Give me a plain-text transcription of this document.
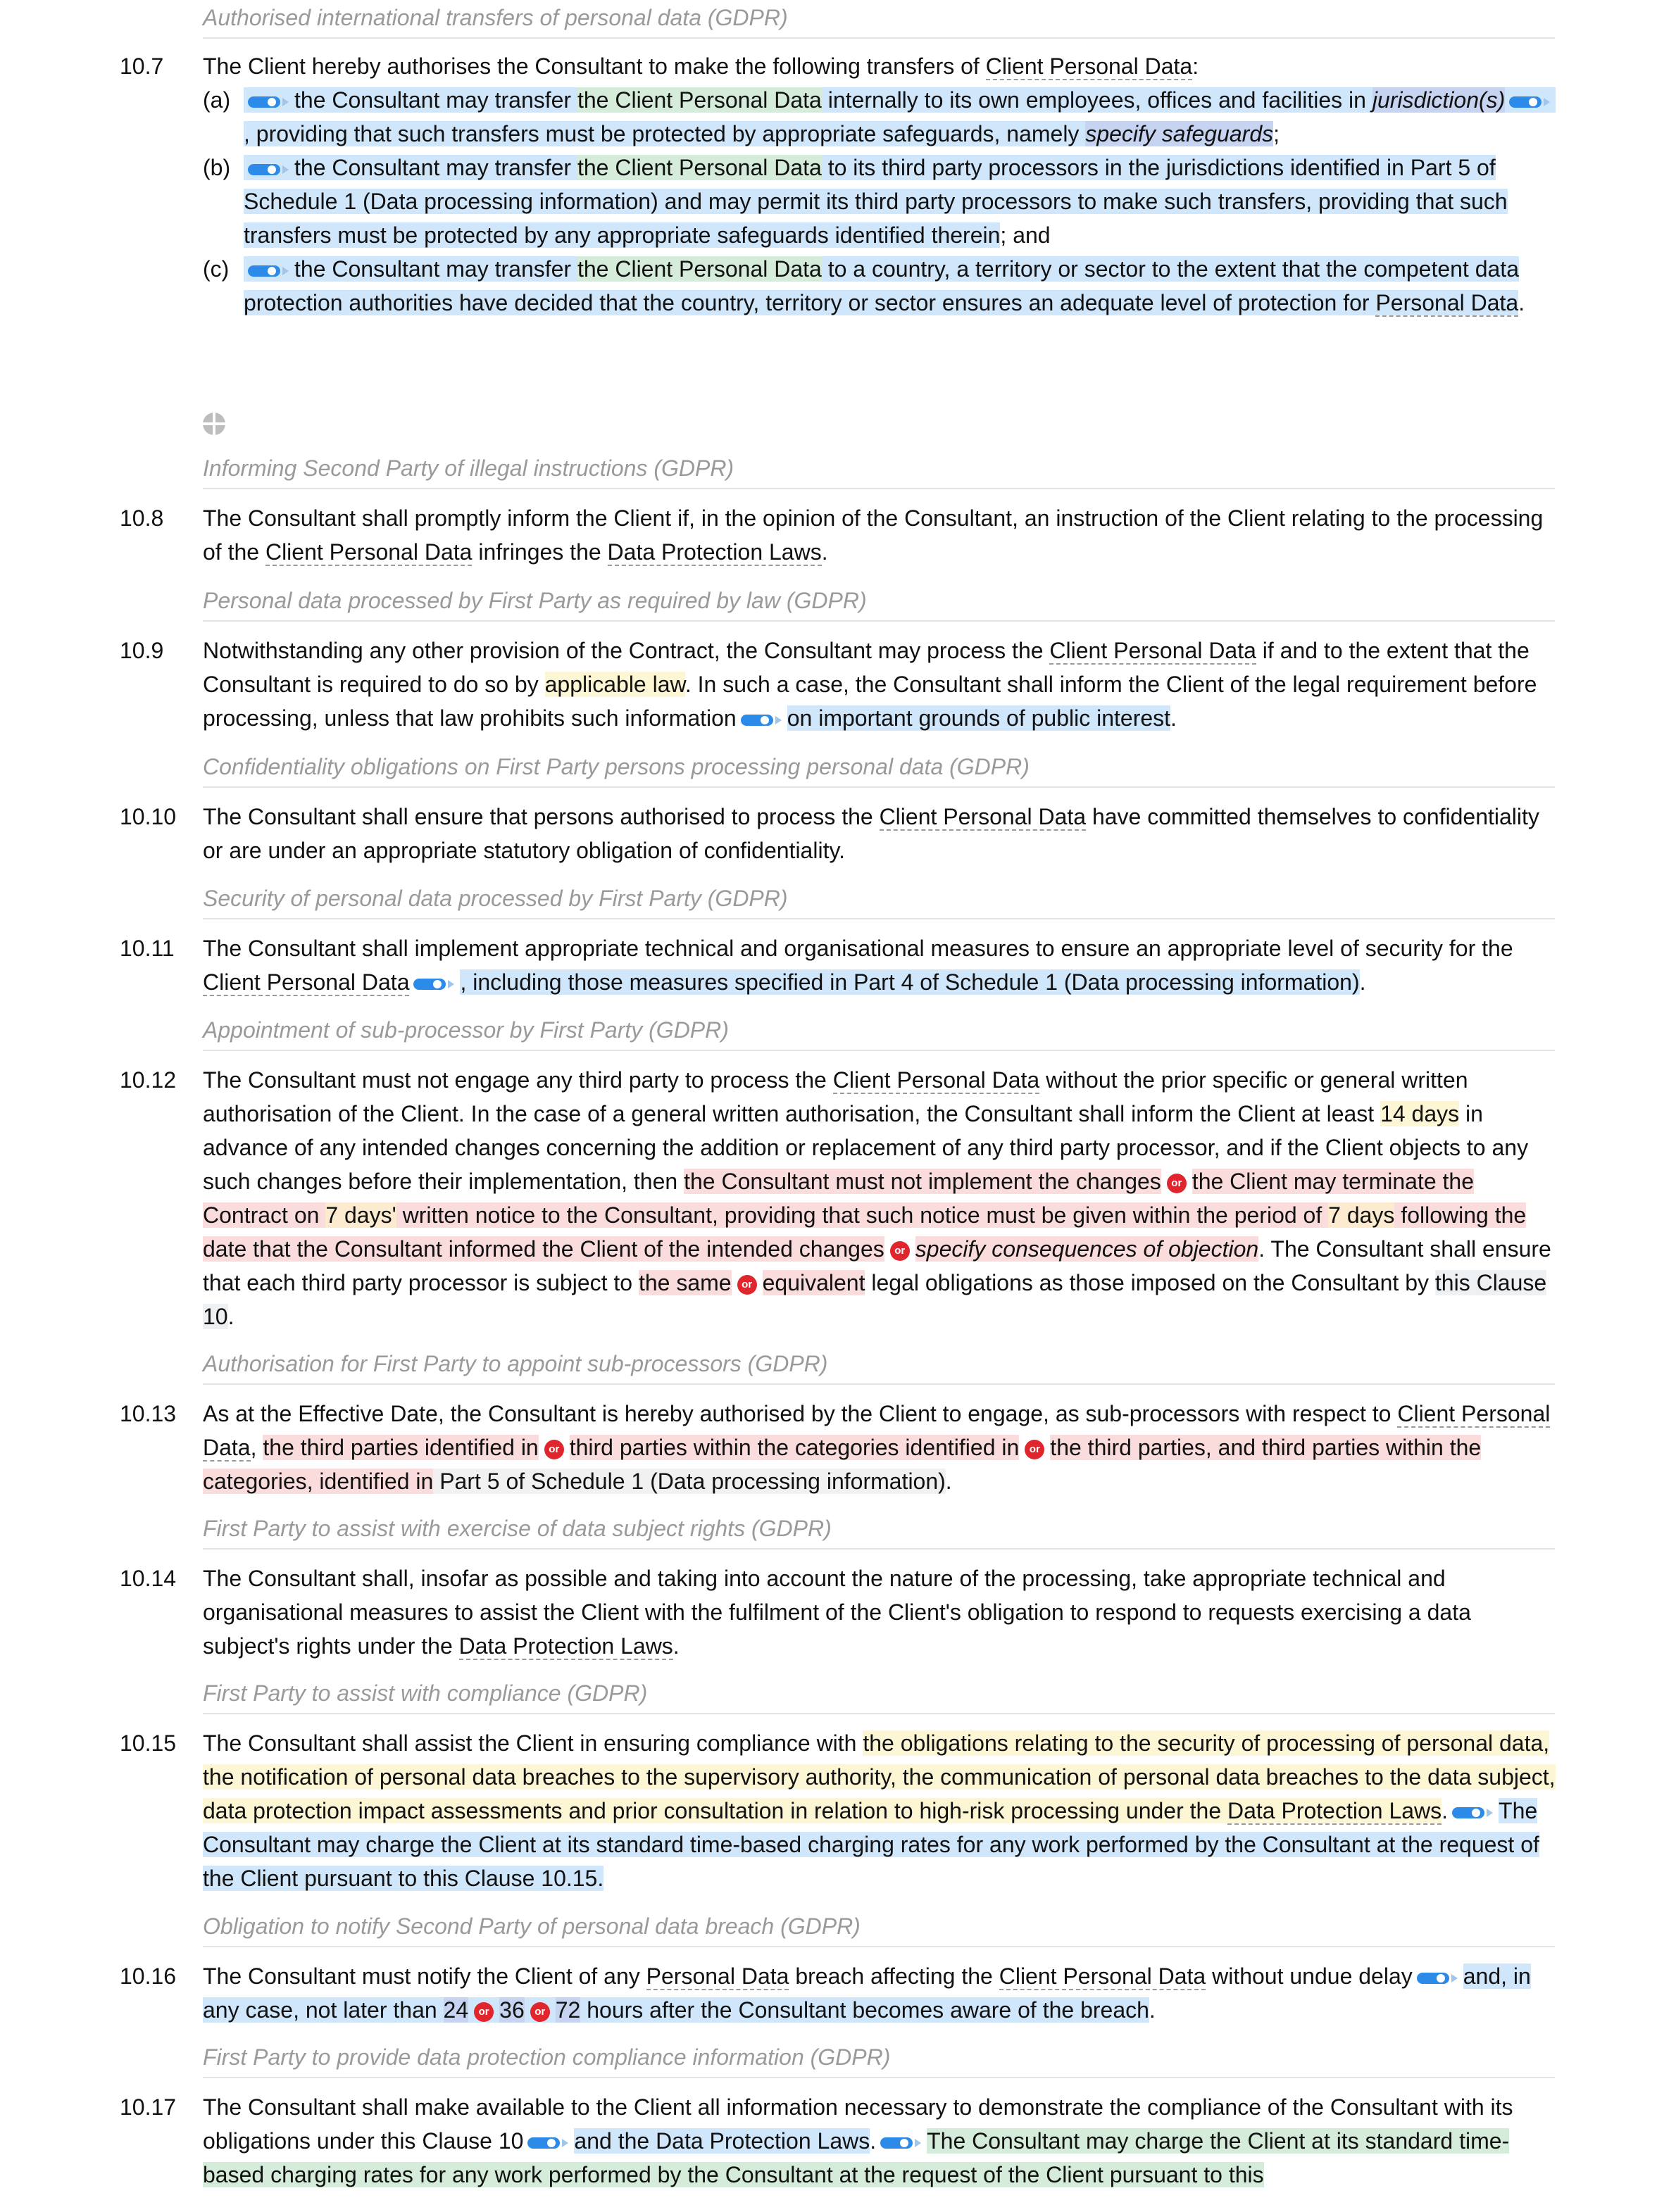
Authorised international transfers of personal data (GDPR)
10.7	The Client hereby authorises the Consultant to make the following transfers of Client Personal Data:
(a)	the Consultant may transfer the Client Personal Data internally to its own employees, offices and facilities in jurisdiction(s)
, providing that such transfers must be protected by appropriate safeguards, namely specify safeguards;
(b)	the Consultant may transfer the Client Personal Data to its third party processors in the jurisdictions identified in Part 5 of Schedule 1 (Data processing information) and may permit its third party processors to make such transfers, providing that such transfers must be protected by any appropriate safeguards identified therein; and
(c)	the Consultant may transfer the Client Personal Data to a country, a territory or sector to the extent that the competent data protection authorities have decided that the country, territory or sector ensures an adequate level of protection for Personal Data.
Informing Second Party of illegal instructions (GDPR)
10.8	The Consultant shall promptly inform the Client if, in the opinion of the Consultant, an instruction of the Client relating to the processing of the Client Personal Data infringes the Data Protection Laws.
Personal data processed by First Party as required by law (GDPR)
10.9	Notwithstanding any other provision of the Contract, the Consultant may process the Client Personal Data if and to the extent that the Consultant is required to do so by applicable law. In such a case, the Consultant shall inform the Client of the legal requirement before processing, unless that law prohibits such information on important grounds of public interest.
Confidentiality obligations on First Party persons processing personal data (GDPR)
10.10	The Consultant shall ensure that persons authorised to process the Client Personal Data have committed themselves to confidentiality or are under an appropriate statutory obligation of confidentiality.
Security of personal data processed by First Party (GDPR)
10.11	The Consultant shall implement appropriate technical and organisational measures to ensure an appropriate level of security for the Client Personal Data , including those measures specified in Part 4 of Schedule 1 (Data processing information).
Appointment of sub-processor by First Party (GDPR)
10.12	The Consultant must not engage any third party to process the Client Personal Data without the prior specific or general written authorisation of the Client. In the case of a general written authorisation, the Consultant shall inform the Client at least 14 days in advance of any intended changes concerning the addition or replacement of any third party processor, and if the Client objects to any such changes before their implementation, then the Consultant must not implement the changes or the Client may terminate the Contract on 7 days' written notice to the Consultant, providing that such notice must be given within the period of 7 days following the date that the Consultant informed the Client of the intended changes or specify consequences of objection. The Consultant shall ensure that each third party processor is subject to the same or equivalent legal obligations as those imposed on the Consultant by this Clause 10.
Authorisation for First Party to appoint sub-processors (GDPR)
10.13	As at the Effective Date, the Consultant is hereby authorised by the Client to engage, as sub-processors with respect to Client Personal Data, the third parties identified in or third parties within the categories identified in or the third parties, and third parties within the categories, identified in Part 5 of Schedule 1 (Data processing information).
First Party to assist with exercise of data subject rights (GDPR)
10.14	The Consultant shall, insofar as possible and taking into account the nature of the processing, take appropriate technical and organisational measures to assist the Client with the fulfilment of the Client's obligation to respond to requests exercising a data subject's rights under the Data Protection Laws.
First Party to assist with compliance (GDPR)
10.15	The Consultant shall assist the Client in ensuring compliance with the obligations relating to the security of processing of personal data, the notification of personal data breaches to the supervisory authority, the communication of personal data breaches to the data subject, data protection impact assessments and prior consultation in relation to high-risk processing under the Data Protection Laws. The Consultant may charge the Client at its standard time-based charging rates for any work performed by the Consultant at the request of the Client pursuant to this Clause 10.15.
Obligation to notify Second Party of personal data breach (GDPR)
10.16	The Consultant must notify the Client of any Personal Data breach affecting the Client Personal Data without undue delay and, in any case, not later than 24 or 36 or 72 hours after the Consultant becomes aware of the breach.
First Party to provide data protection compliance information (GDPR)
10.17	The Consultant shall make available to the Client all information necessary to demonstrate the compliance of the Consultant with its obligations under this Clause 10 and the Data Protection Laws. The Consultant may charge the Client at its standard time-based charging rates for any work performed by the Consultant at the request of the Client pursuant to this
